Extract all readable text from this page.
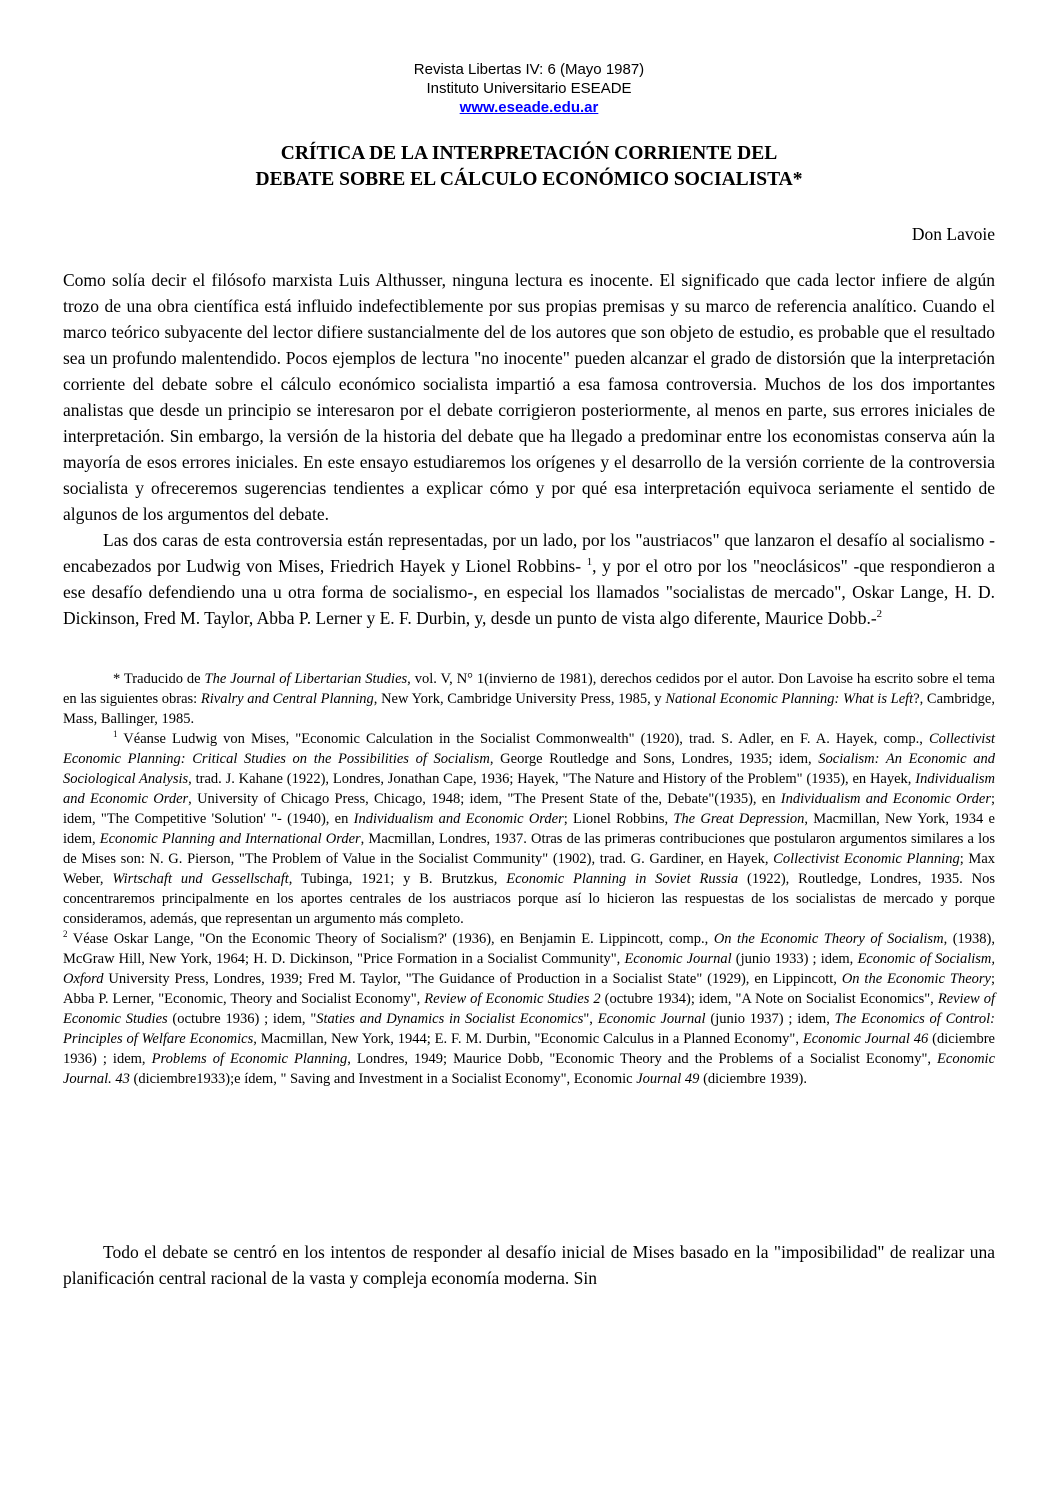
Revista Libertas IV: 6 (Mayo 1987)
Instituto Universitario ESEADE
www.eseade.edu.ar
CRÍTICA DE LA INTERPRETACIÓN CORRIENTE DEL
DEBATE SOBRE EL CÁLCULO ECONÓMICO SOCIALISTA*
Don Lavoie

Como solía decir el filósofo marxista Luis Althusser, ninguna lectura es inocente. El significado que cada lector infiere de algún trozo de una obra científica está influido indefectiblemente por sus propias premisas y su marco de referencia analítico. Cuando el marco teórico subyacente del lector difiere sustancialmente del de los autores que son objeto de estudio, es probable que el resultado sea un profundo malentendido. Pocos ejemplos de lectura "no inocente" pueden alcanzar el grado de distorsión que la interpretación corriente del debate sobre el cálculo económico socialista impartió a esa famosa controversia. Muchos de los dos importantes analistas que desde un principio se interesaron por el debate corrigieron posteriormente, al menos en parte, sus errores iniciales de interpretación. Sin embargo, la versión de la historia del debate que ha llegado a predominar entre los economistas conserva aún la mayoría de esos errores iniciales. En este ensayo estudiaremos los orígenes y el desarrollo de la versión corriente de la controversia socialista y ofreceremos sugerencias tendientes a explicar cómo y por qué esa interpretación equivoca seriamente el sentido de algunos de los argumentos del debate.

Las dos caras de esta controversia están representadas, por un lado, por los "austriacos" que lanzaron el desafío al socialismo -encabezados por Ludwig von Mises, Friedrich Hayek y Lionel Robbins- $^1$, y por el otro por los "neoclásicos" -que respondieron a ese desafío defendiendo una u otra forma de socialismo-, en especial los llamados "socialistas de mercado", Oskar Lange, H. D. Dickinson, Fred M. Taylor, Abba P. Lerner y E. F. Durbin, y, desde un punto de vista algo diferente, Maurice Dobb.-$^2$

* Traducido de The Journal of Libertarian Studies, vol. V, N° 1(invierno de 1981), derechos cedidos por el autor. Don Lavoise ha escrito sobre el tema en las siguientes obras: Rivalry and Central Planning, New York, Cambridge University Press, 1985, y National Economic Planning: What is Left?, Cambridge, Mass, Ballinger, 1985.

$^1$ Véanse Ludwig von Mises, "Economic Calculation in the Socialist Commonwealth" (1920), trad. S. Adler, en F. A. Hayek, comp., Collectivist Economic Planning: Critical Studies on the Possibilities of Socialism, George Routledge and Sons, Londres, 1935; idem, Socialism: An Economic and Sociological Analysis, trad. J. Kahane (1922), Londres, Jonathan Cape, 1936; Hayek, "The Nature and History of the Problem" (1935), en Hayek, Individualism and Economic Order, University of Chicago Press, Chicago, 1948; idem, "The Present State of the, Debate"(1935), en Individualism and Economic Order; idem, "The Competitive 'Solution' "- (1940), en Individualism and Economic Order; Lionel Robbins, The Great Depression, Macmillan, New York, 1934 e idem, Economic Planning and International Order, Macmillan, Londres, 1937. Otras de las primeras contribuciones que postularon argumentos similares a los de Mises son: N. G. Pierson, "The Problem of Value in the Socialist Community" (1902), trad. G. Gardiner, en Hayek, Collectivist Economic Planning; Max Weber, Wirtschaft und Gessellschaft, Tubinga, 1921; y B. Brutzkus, Economic Planning in Soviet Russia (1922), Routledge, Londres, 1935. Nos concentraremos principalmente en los aportes centrales de los austriacos porque así lo hicieron las respuestas de los socialistas de mercado y porque consideramos, además, que representan un argumento más completo.

$^2$ Véase Oskar Lange, "On the Economic Theory of Socialism?' (1936), en Benjamin E. Lippincott, comp., On the Economic Theory of Socialism, (1938), McGraw Hill, New York, 1964; H. D. Dickinson, "Price Formation in a Socialist Community", Economic Journal (junio 1933) ; idem, Economic of Socialism, Oxford University Press, Londres, 1939; Fred M. Taylor, "The Guidance of Production in a Socialist State" (1929), en Lippincott, On the Economic Theory; Abba P. Lerner, "Economic, Theory and Socialist Economy", Review of Economic Studies 2 (octubre 1934); idem, "A Note on Socialist Economics", Review of Economic Studies (octubre 1936) ; idem, "Staties and Dynamics in Socialist Economics", Economic Journal (junio 1937) ; idem, The Economics of Control: Principles of Welfare Economics, Macmillan, New York, 1944; E. F. M. Durbin, "Economic Calculus in a Planned Economy", Economic Journal 46 (diciembre 1936) ; idem, Problems of Economic Planning, Londres, 1949; Maurice Dobb, "Economic Theory and the Problems of a Socialist Economy", Economic Journal. 43 (diciembre1933);e ídem, " Saving and Investment in a Socialist Economy", Economic Journal 49 (diciembre 1939).

Todo el debate se centró en los intentos de responder al desafío inicial de Mises basado en la "imposibilidad" de realizar una planificación central racional de la vasta y compleja economía moderna. Sin
